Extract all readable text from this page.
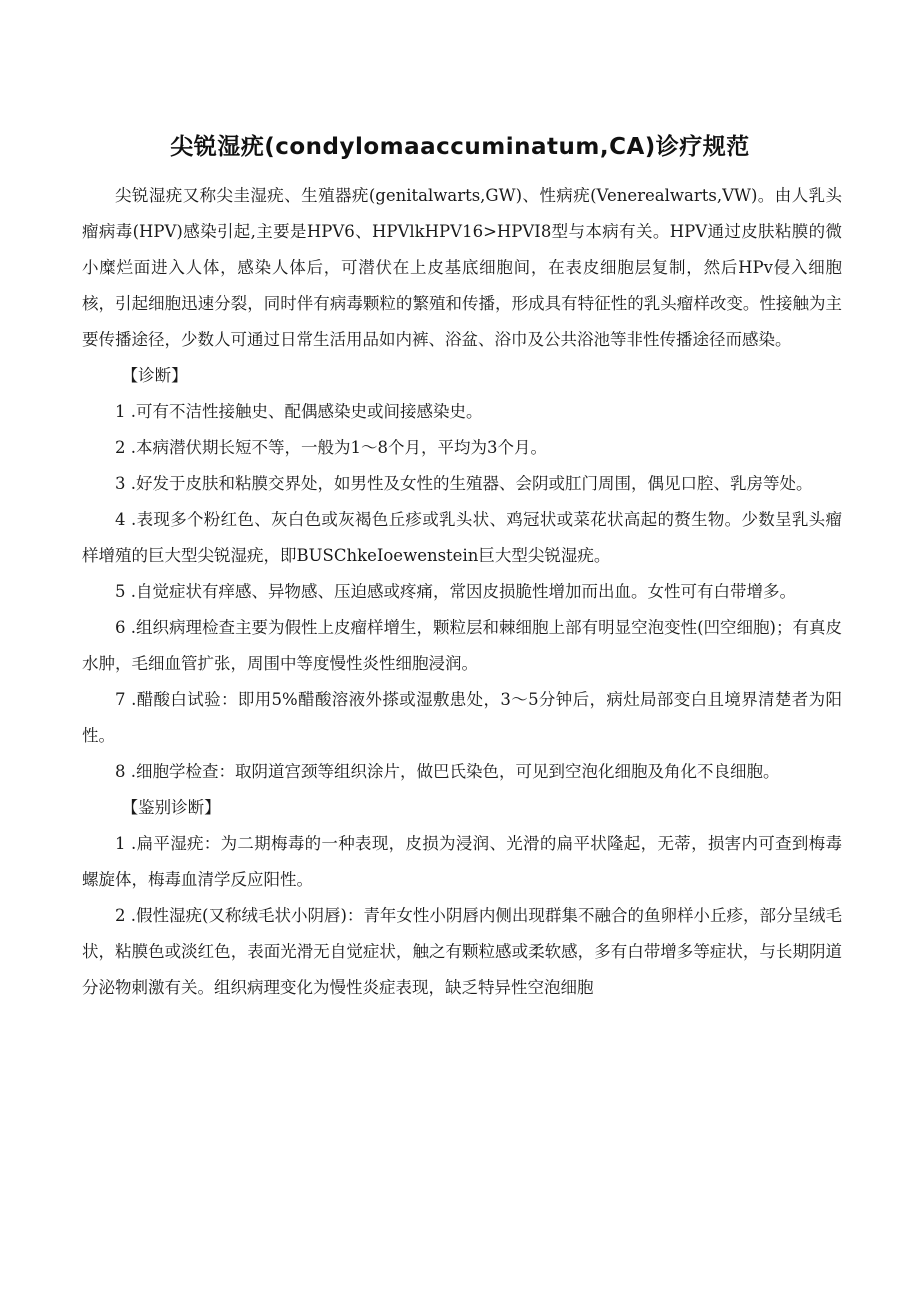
尖锐湿疣(condylomaaccuminatum,CA)诊疗规范

尖锐湿疣又称尖圭湿疣、生殖器疣(genitalwarts,GW)、性病疣(Venerealwarts,VW)。由人乳头瘤病毒(HPV)感染引起,主要是HPV6、HPVlkHPV16>HPVI8型与本病有关。HPV通过皮肤粘膜的微小糜烂面进入人体，感染人体后，可潜伏在上皮基底细胞间，在表皮细胞层复制，然后HPv侵入细胞核，引起细胞迅速分裂，同时伴有病毒颗粒的繁殖和传播，形成具有特征性的乳头瘤样改变。性接触为主要传播途径，少数人可通过日常生活用品如内裤、浴盆、浴巾及公共浴池等非性传播途径而感染。

【诊断】

1 .可有不洁性接触史、配偶感染史或间接感染史。

2 .本病潜伏期长短不等，一般为1～8个月，平均为3个月。

3 .好发于皮肤和粘膜交界处，如男性及女性的生殖器、会阴或肛门周围，偶见口腔、乳房等处。

4 .表现多个粉红色、灰白色或灰褐色丘疹或乳头状、鸡冠状或菜花状高起的赘生物。少数呈乳头瘤样增殖的巨大型尖锐湿疣，即BUSChkeIoewenstein巨大型尖锐湿疣。

5 .自觉症状有痒感、异物感、压迫感或疼痛，常因皮损脆性增加而出血。女性可有白带增多。

6 .组织病理检查主要为假性上皮瘤样增生，颗粒层和棘细胞上部有明显空泡变性(凹空细胞)；有真皮水肿，毛细血管扩张，周围中等度慢性炎性细胞浸润。

7 .醋酸白试验：即用5%醋酸溶液外搽或湿敷患处，3～5分钟后，病灶局部变白且境界清楚者为阳性。

8 .细胞学检查：取阴道宫颈等组织涂片，做巴氏染色，可见到空泡化细胞及角化不良细胞。

【鉴别诊断】

1 .扁平湿疣：为二期梅毒的一种表现，皮损为浸润、光滑的扁平状隆起，无蒂，损害内可查到梅毒螺旋体，梅毒血清学反应阳性。

2 .假性湿疣(又称绒毛状小阴唇)：青年女性小阴唇内侧出现群集不融合的鱼卵样小丘疹，部分呈绒毛状，粘膜色或淡红色，表面光滑无自觉症状，触之有颗粒感或柔软感，多有白带增多等症状，与长期阴道分泌物刺激有关。组织病理变化为慢性炎症表现，缺乏特异性空泡细胞
